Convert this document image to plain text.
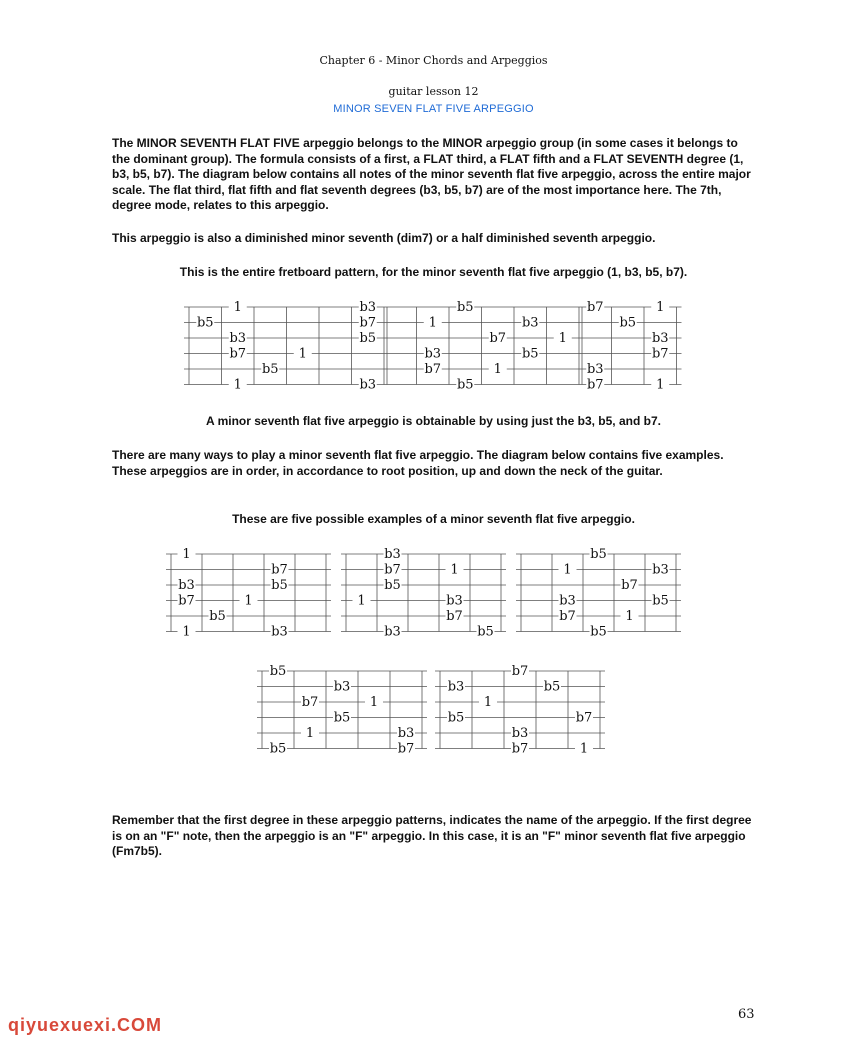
Chapter 6 - Minor Chords and Arpeggios
guitar lesson 12
MINOR SEVEN FLAT FIVE ARPEGGIO

The MINOR SEVENTH FLAT FIVE arpeggio belongs to the MINOR arpeggio group (in some cases it belongs to the dominant group). The formula consists of a first, a FLAT third, a FLAT fifth and a FLAT SEVENTH degree (1, b3, b5, b7). The diagram below contains all notes of the minor seventh flat five arpeggio, across the entire major scale. The flat third, flat fifth and flat seventh degrees (b3, b5, b7) are of the most importance here. The 7th, degree mode, relates to this arpeggio.

This arpeggio is also a diminished minor seventh (dim7) or a half diminished seventh arpeggio.

This is the entire fretboard pattern, for the minor seventh flat five arpeggio (1, b3, b5, b7).
A minor seventh flat five arpeggio is obtainable by using just the b3, b5, and b7.

There are many ways to play a minor seventh flat five arpeggio. The diagram below contains five examples. These arpeggios are in order, in accordance to root position, up and down the neck of the guitar.

These are five possible examples of a minor seventh flat five arpeggio.

Remember that the first degree in these arpeggio patterns, indicates the name of the arpeggio. If the first degree is on an "F" note, then the arpeggio is an "F" arpeggio. In this case, it is an "F" minor seventh flat five arpeggio (Fm7b5).

63
qiyuexuexi.COM
1	b3	b5	b7	1
b5	b7	1	b3	b5
b3	b5	b7	1	b3
b7	1	b3	b5	b7
b5	b7	1	b3
1	b3	b5	b7	1
1
b7
b3	b5
b7	1
b5
1	b3
b3
b7	1
b5
1	b3
b7
b3	b5
b5
1	b3
b7
b3	b5
b7	1
b5
b5
b3
b7	1
b5
1	b3
b5	b7
b7
b3	b5
1
b5	b7
b3
b7	1
